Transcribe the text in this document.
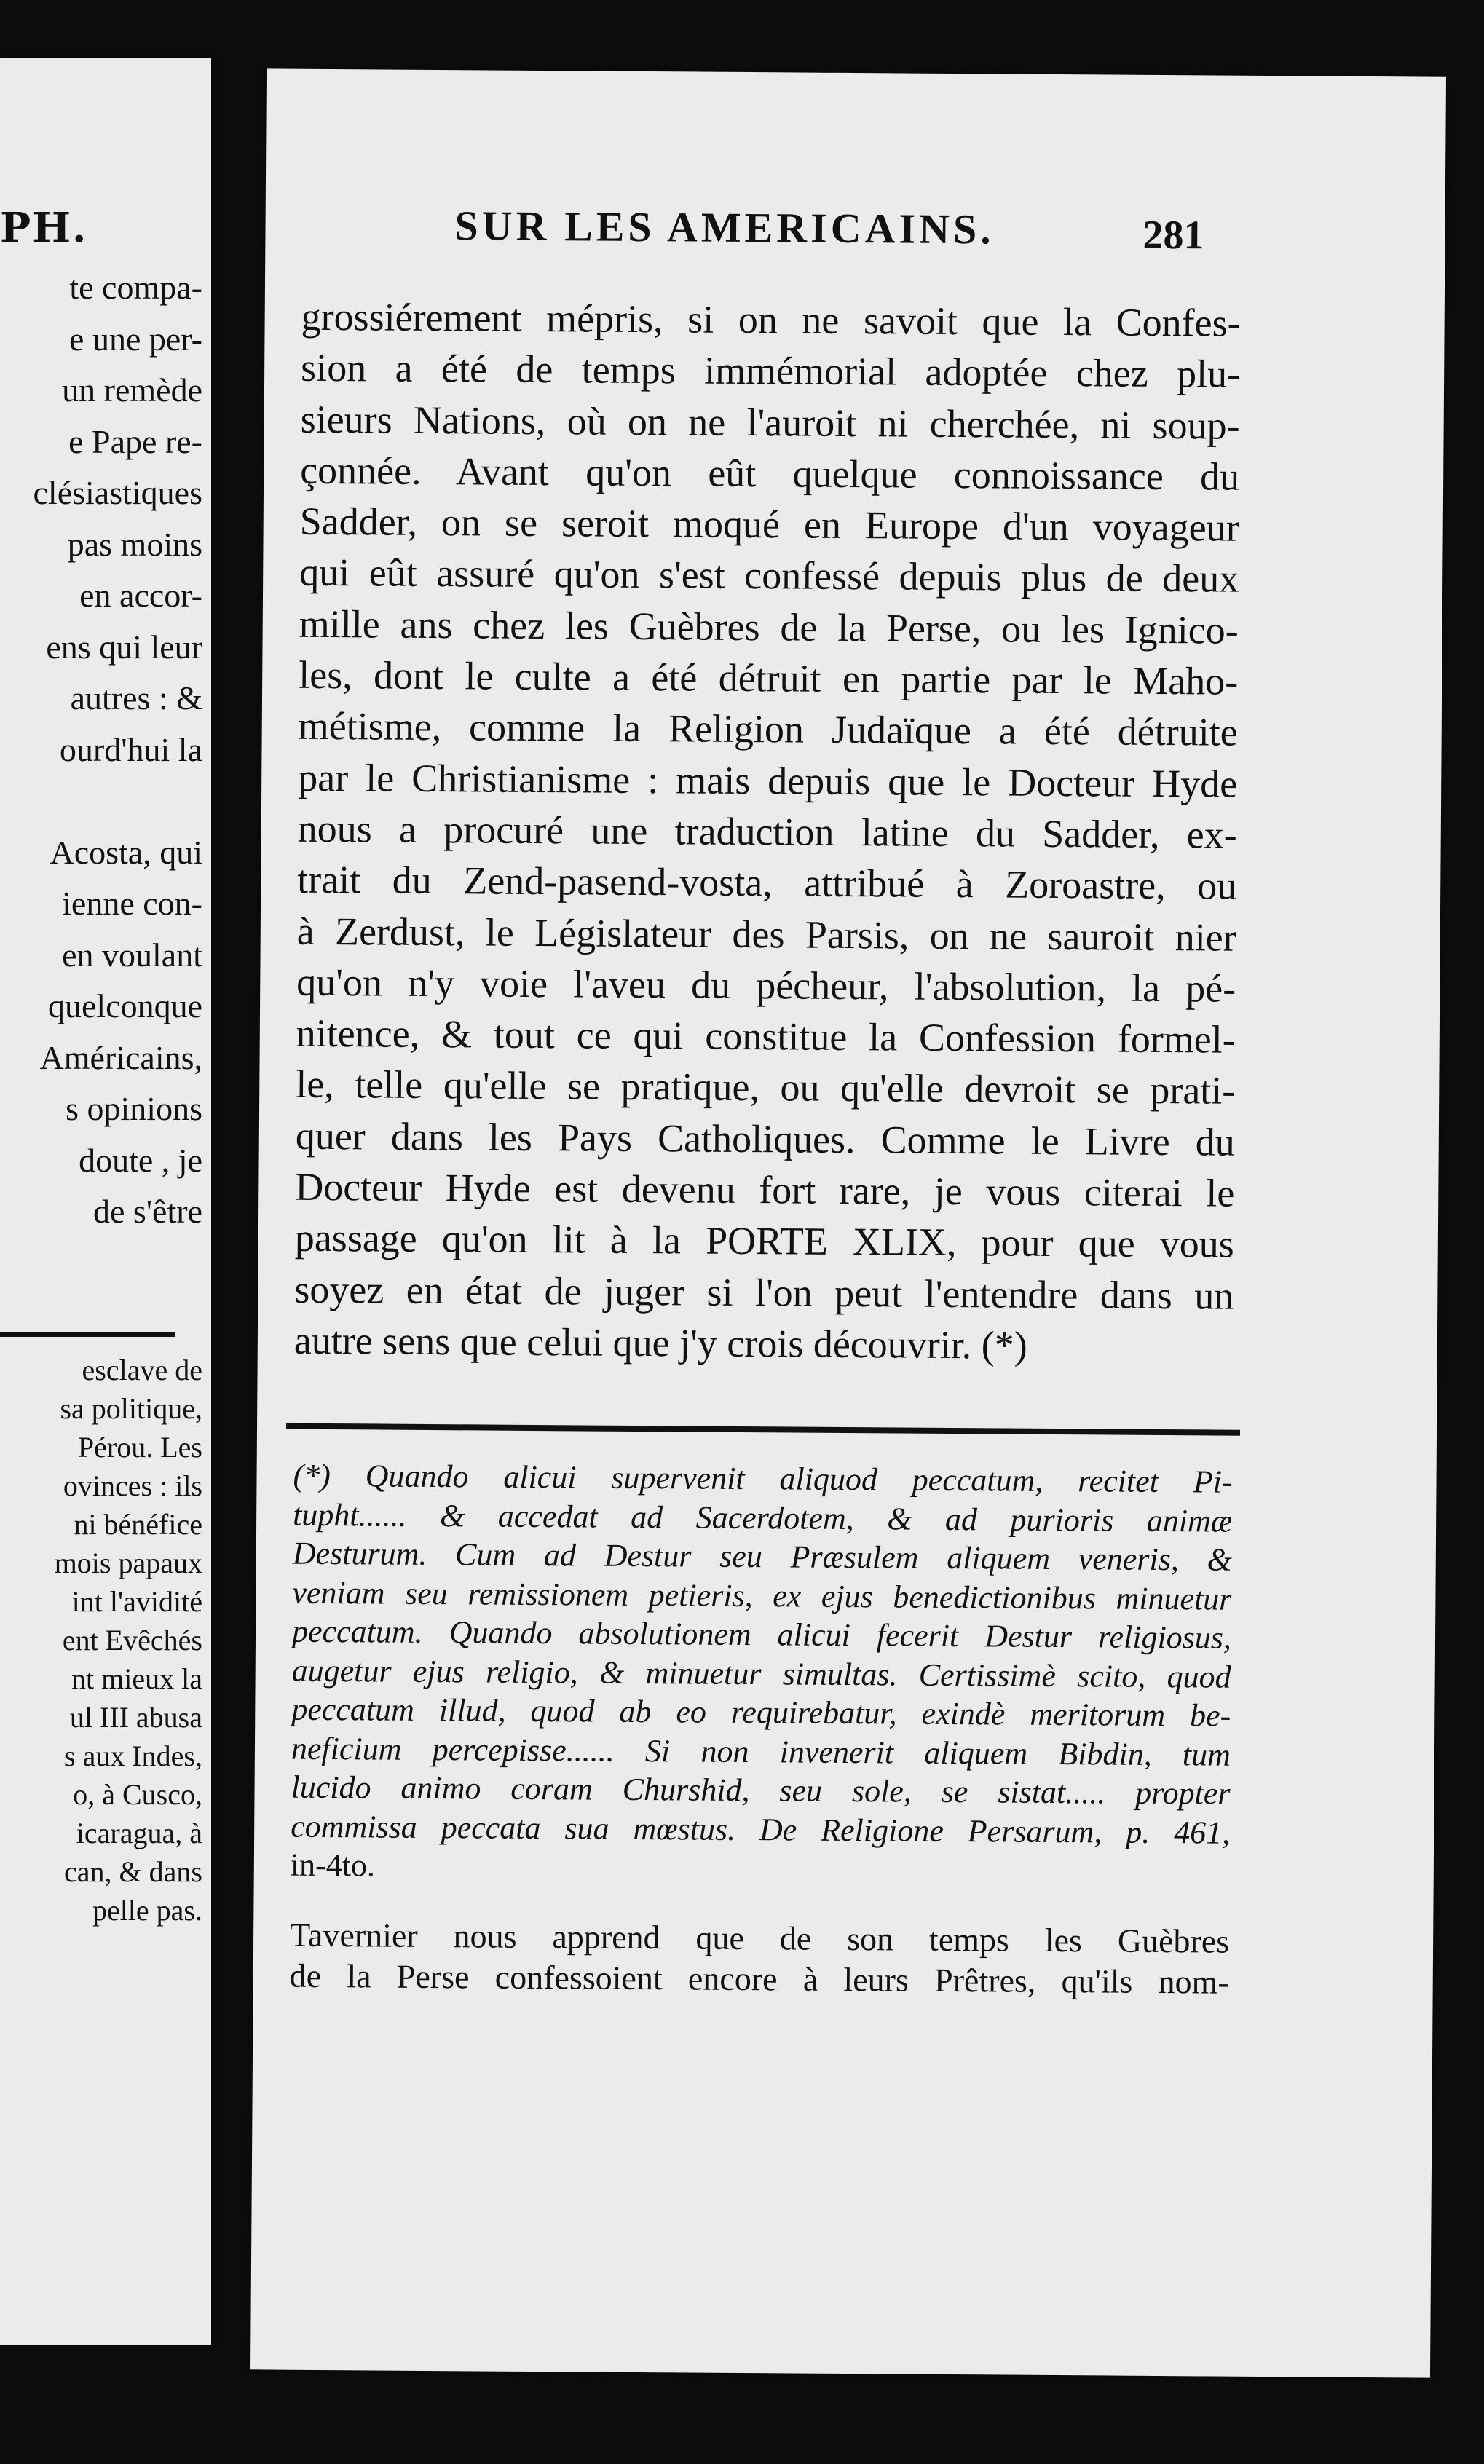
PH.
te compa-
e une per-
un remède
e Pape re-
clésiastiques
pas moins
en accor-
ens qui leur
autres : &
ourd'hui la

Acosta, qui
ienne con-
en voulant
quelconque
Américains,
s opinions
doute , je
de s'être
esclave de
sa politique,
Pérou. Les
ovinces : ils
ni bénéfice
mois papaux
int l'avidité
ent Evêchés
nt mieux la
ul III abusa
s aux Indes,
o, à Cusco,
icaragua, à
can, & dans
pelle pas.
SUR LES AMERICAINS.	281
grossiérement mépris, si on ne savoit que la Confes-
sion a été de temps immémorial adoptée chez plu-
sieurs Nations, où on ne l'auroit ni cherchée, ni soup-
çonnée. Avant qu'on eût quelque connoissance du
Sadder, on se seroit moqué en Europe d'un voyageur
qui eût assuré qu'on s'est confessé depuis plus de deux
mille ans chez les Guèbres de la Perse, ou les Ignico-
les, dont le culte a été détruit en partie par le Maho-
métisme, comme la Religion Judaïque a été détruite
par le Christianisme : mais depuis que le Docteur Hyde
nous a procuré une traduction latine du Sadder, ex-
trait du Zend-pasend-vosta, attribué à Zoroastre, ou
à Zerdust, le Législateur des Parsis, on ne sauroit nier
qu'on n'y voie l'aveu du pécheur, l'absolution, la pé-
nitence, & tout ce qui constitue la Confession formel-
le, telle qu'elle se pratique, ou qu'elle devroit se prati-
quer dans les Pays Catholiques. Comme le Livre du
Docteur Hyde est devenu fort rare, je vous citerai le
passage qu'on lit à la PORTE XLIX, pour que vous
soyez en état de juger si l'on peut l'entendre dans un
autre sens que celui que j'y crois découvrir. (*)
(*) Quando alicui supervenit aliquod peccatum, recitet Pi-
tupht...... & accedat ad Sacerdotem, & ad purioris animæ
Desturum. Cum ad Destur seu Præsulem aliquem veneris, &
veniam seu remissionem petieris, ex ejus benedictionibus minuetur
peccatum. Quando absolutionem alicui fecerit Destur religiosus,
augetur ejus religio, & minuetur simultas. Certissimè scito, quod
peccatum illud, quod ab eo requirebatur, exindè meritorum be-
neficium percepisse...... Si non invenerit aliquem Bibdin, tum
lucido animo coram Churshid, seu sole, se sistat..... propter
commissa peccata sua mœstus. De Religione Persarum, p. 461,
in-4to.
Tavernier nous apprend que de son temps les Guèbres
de la Perse confessoient encore à leurs Prêtres, qu'ils nom-
